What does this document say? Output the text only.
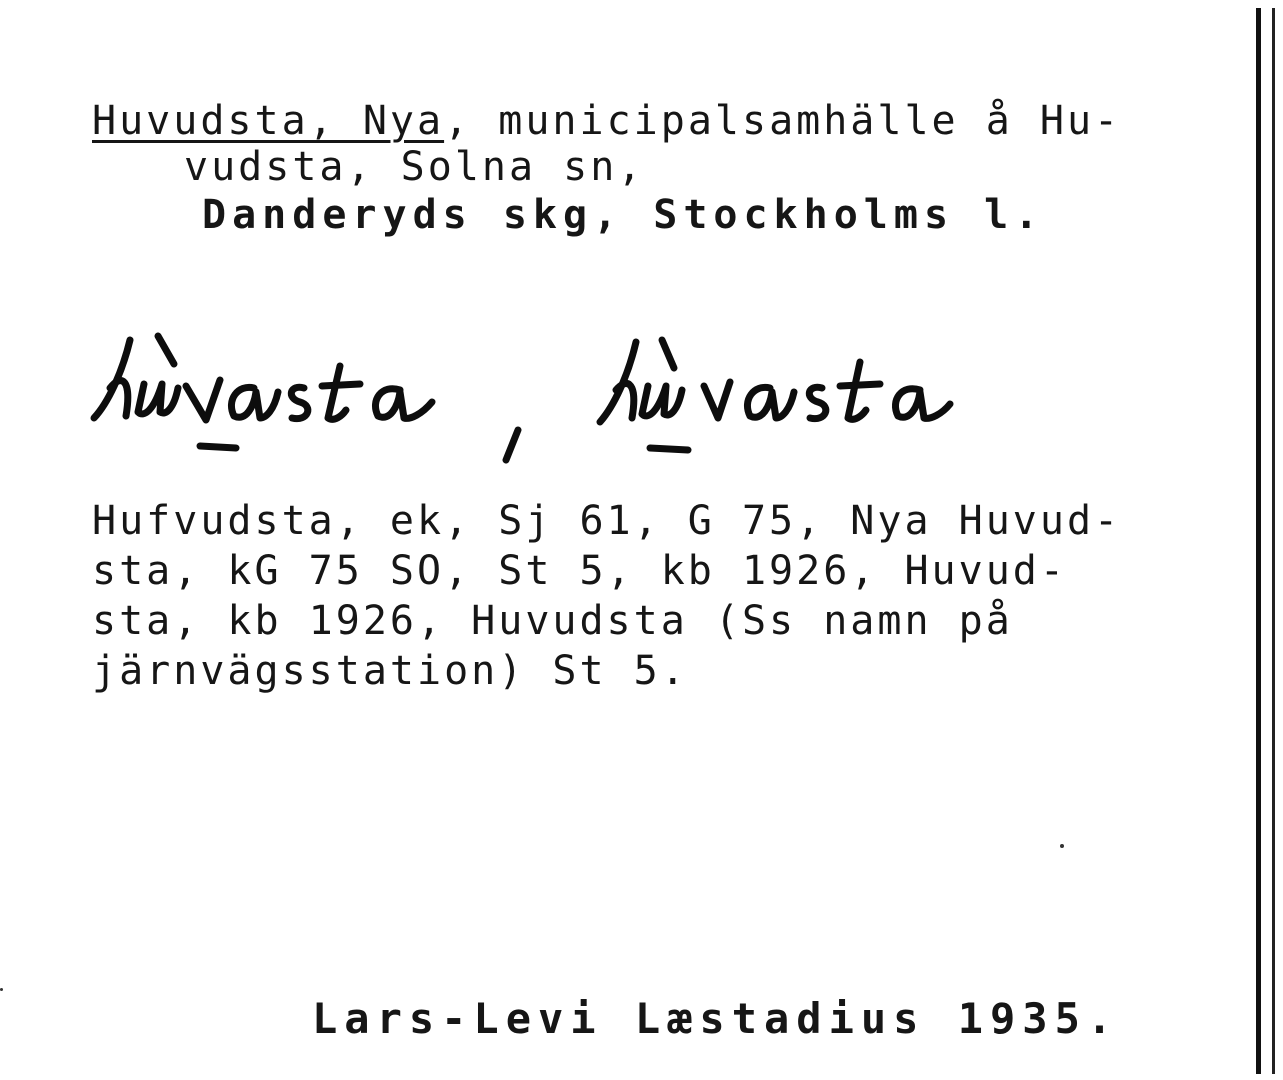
Huvudsta, Nya, municipalsamhälle å Hu-
vudsta, Solna sn,
Danderyds skg, Stockholms l.
Hufvudsta, ek, Sj 61, G 75, Nya Huvud-
sta, kG 75 SO, St 5, kb 1926, Huvud-
sta, kb 1926, Huvudsta (Ss namn på
järnvägsstation) St 5.
Lars-Levi Læstadius 1935.
